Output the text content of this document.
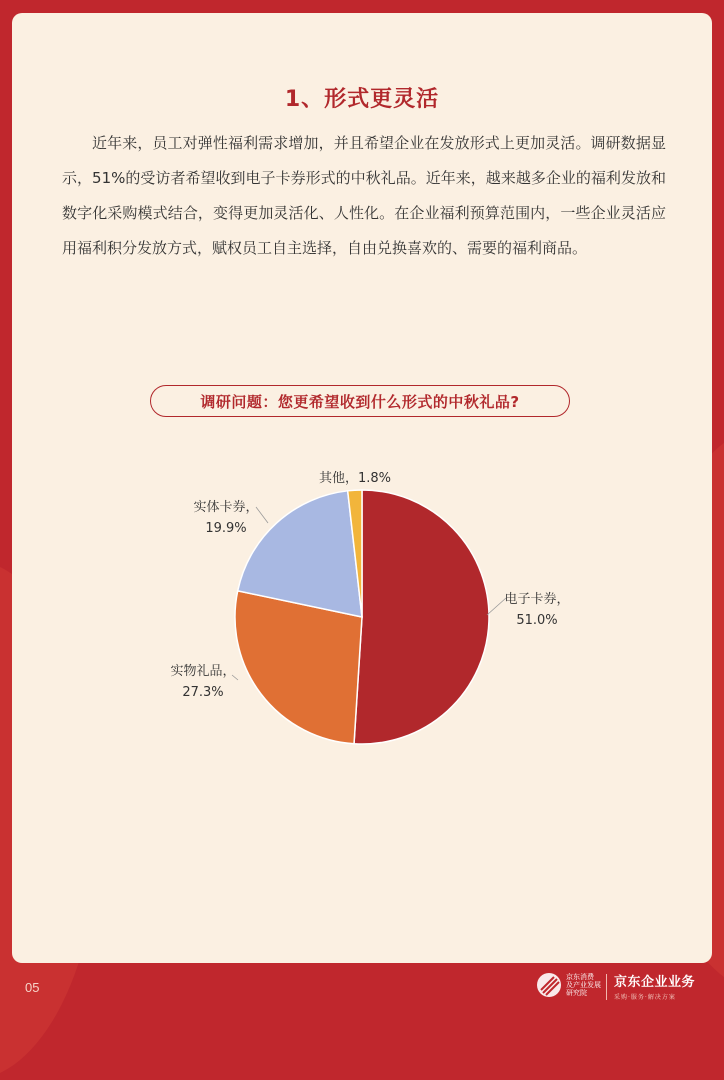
1、形式更灵活

近年来，员工对弹性福利需求增加，并且希望企业在发放形式上更加灵活。调研数据显示，51%的受访者希望收到电子卡券形式的中秋礼品。近年来，越来越多企业的福利发放和数字化采购模式结合，变得更加灵活化、人性化。在企业福利预算范围内，一些企业灵活应用福利积分发放方式，赋权员工自主选择，自由兑换喜欢的、需要的福利商品。

调研问题：您更希望收到什么形式的中秋礼品?
电子卡券，
51.0%
实物礼品，
27.3%
实体卡券，
19.9%
其他，1.8%
05
京东消费
及产业发展
研究院
京东企业业务
采购·服务·解决方案
